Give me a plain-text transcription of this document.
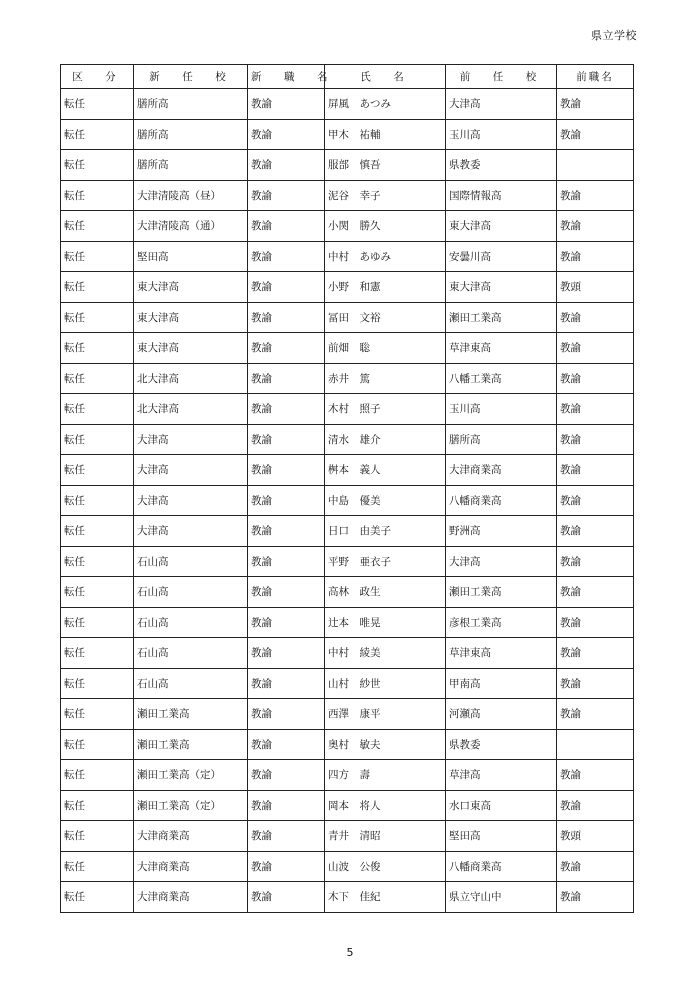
県立学校
区　分	新　任　校	新　職　名	氏　名	前　任　校	前職名
転任	膳所高	教諭	屏風　あつみ	大津高	教諭
転任	膳所高	教諭	甲木　祐輔	玉川高	教諭
転任	膳所高	教諭	服部　慎吾	県教委	
転任	大津清陵高（昼）	教諭	泥谷　幸子	国際情報高	教諭
転任	大津清陵高（通）	教諭	小関　勝久	東大津高	教諭
転任	堅田高	教諭	中村　あゆみ	安曇川高	教諭
転任	東大津高	教諭	小野　和憲	東大津高	教頭
転任	東大津高	教諭	冨田　文裕	瀬田工業高	教諭
転任	東大津高	教諭	前畑　聡	草津東高	教諭
転任	北大津高	教諭	赤井　篤	八幡工業高	教諭
転任	北大津高	教諭	木村　照子	玉川高	教諭
転任	大津高	教諭	清水　雄介	膳所高	教諭
転任	大津高	教諭	桝本　義人	大津商業高	教諭
転任	大津高	教諭	中島　優美	八幡商業高	教諭
転任	大津高	教諭	日口　由美子	野洲高	教諭
転任	石山高	教諭	平野　亜衣子	大津高	教諭
転任	石山高	教諭	高林　政生	瀬田工業高	教諭
転任	石山高	教諭	辻本　唯晃	彦根工業高	教諭
転任	石山高	教諭	中村　綾美	草津東高	教諭
転任	石山高	教諭	山村　紗世	甲南高	教諭
転任	瀬田工業高	教諭	西澤　康平	河瀬高	教諭
転任	瀬田工業高	教諭	奥村　敏夫	県教委	
転任	瀬田工業高（定）	教諭	四方　壽	草津高	教諭
転任	瀬田工業高（定）	教諭	岡本　将人	水口東高	教諭
転任	大津商業高	教諭	青井　清昭	堅田高	教頭
転任	大津商業高	教諭	山波　公俊	八幡商業高	教諭
転任	大津商業高	教諭	木下　佳紀	県立守山中	教諭
5
